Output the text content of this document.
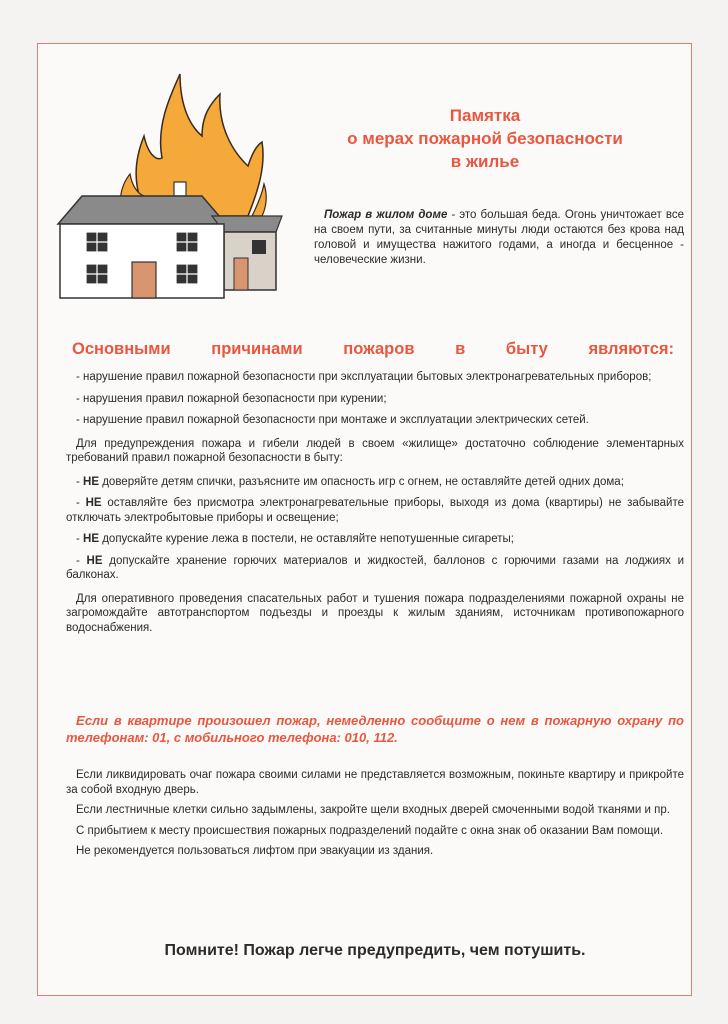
Памятка
о мерах пожарной безопасности
в жилье

Пожар в жилом доме - это большая беда. Огонь уничтожает все на своем пути, за считанные минуты люди остаются без крова над головой и имущества нажитого годами, а иногда и бесценное - человеческие жизни.

Основными причинами пожаров в быту являются:

- нарушение правил пожарной безопасности при эксплуатации бытовых электронагревательных приборов;

- нарушения правил пожарной безопасности при курении;

- нарушение правил пожарной безопасности при монтаже и эксплуатации электрических сетей.

Для предупреждения пожара и гибели людей в своем «жилище» достаточно соблюдение элементарных требований правил пожарной безопасности в быту:

- НЕ доверяйте детям спички, разъясните им опасность игр с огнем, не оставляйте детей одних дома;

- НЕ оставляйте без присмотра электронагревательные приборы, выходя из дома (квартиры) не забывайте отключать электробытовые приборы и освещение;

- НЕ допускайте курение лежа в постели, не оставляйте непотушенные сигареты;

- НЕ допускайте хранение горючих материалов и жидкостей, баллонов с горючими газами на лоджиях и балконах.

Для оперативного проведения спасательных работ и тушения пожара подразделениями пожарной охраны не загромождайте автотранспортом подъезды и проезды к жилым зданиям, источникам противопожарного водоснабжения.

Если в квартире произошел пожар, немедленно сообщите о нем в пожарную охрану по телефонам: 01, с мобильного телефона: 010, 112.

Если ликвидировать очаг пожара своими силами не представляется возможным, покиньте квартиру и прикройте за собой входную дверь.

Если лестничные клетки сильно задымлены, закройте щели входных дверей смоченными водой тканями и пр.

С прибытием к месту происшествия пожарных подразделений подайте с окна знак об оказании Вам помощи.

Не рекомендуется пользоваться лифтом при эвакуации из здания.

Помните! Пожар легче предупредить, чем потушить.
